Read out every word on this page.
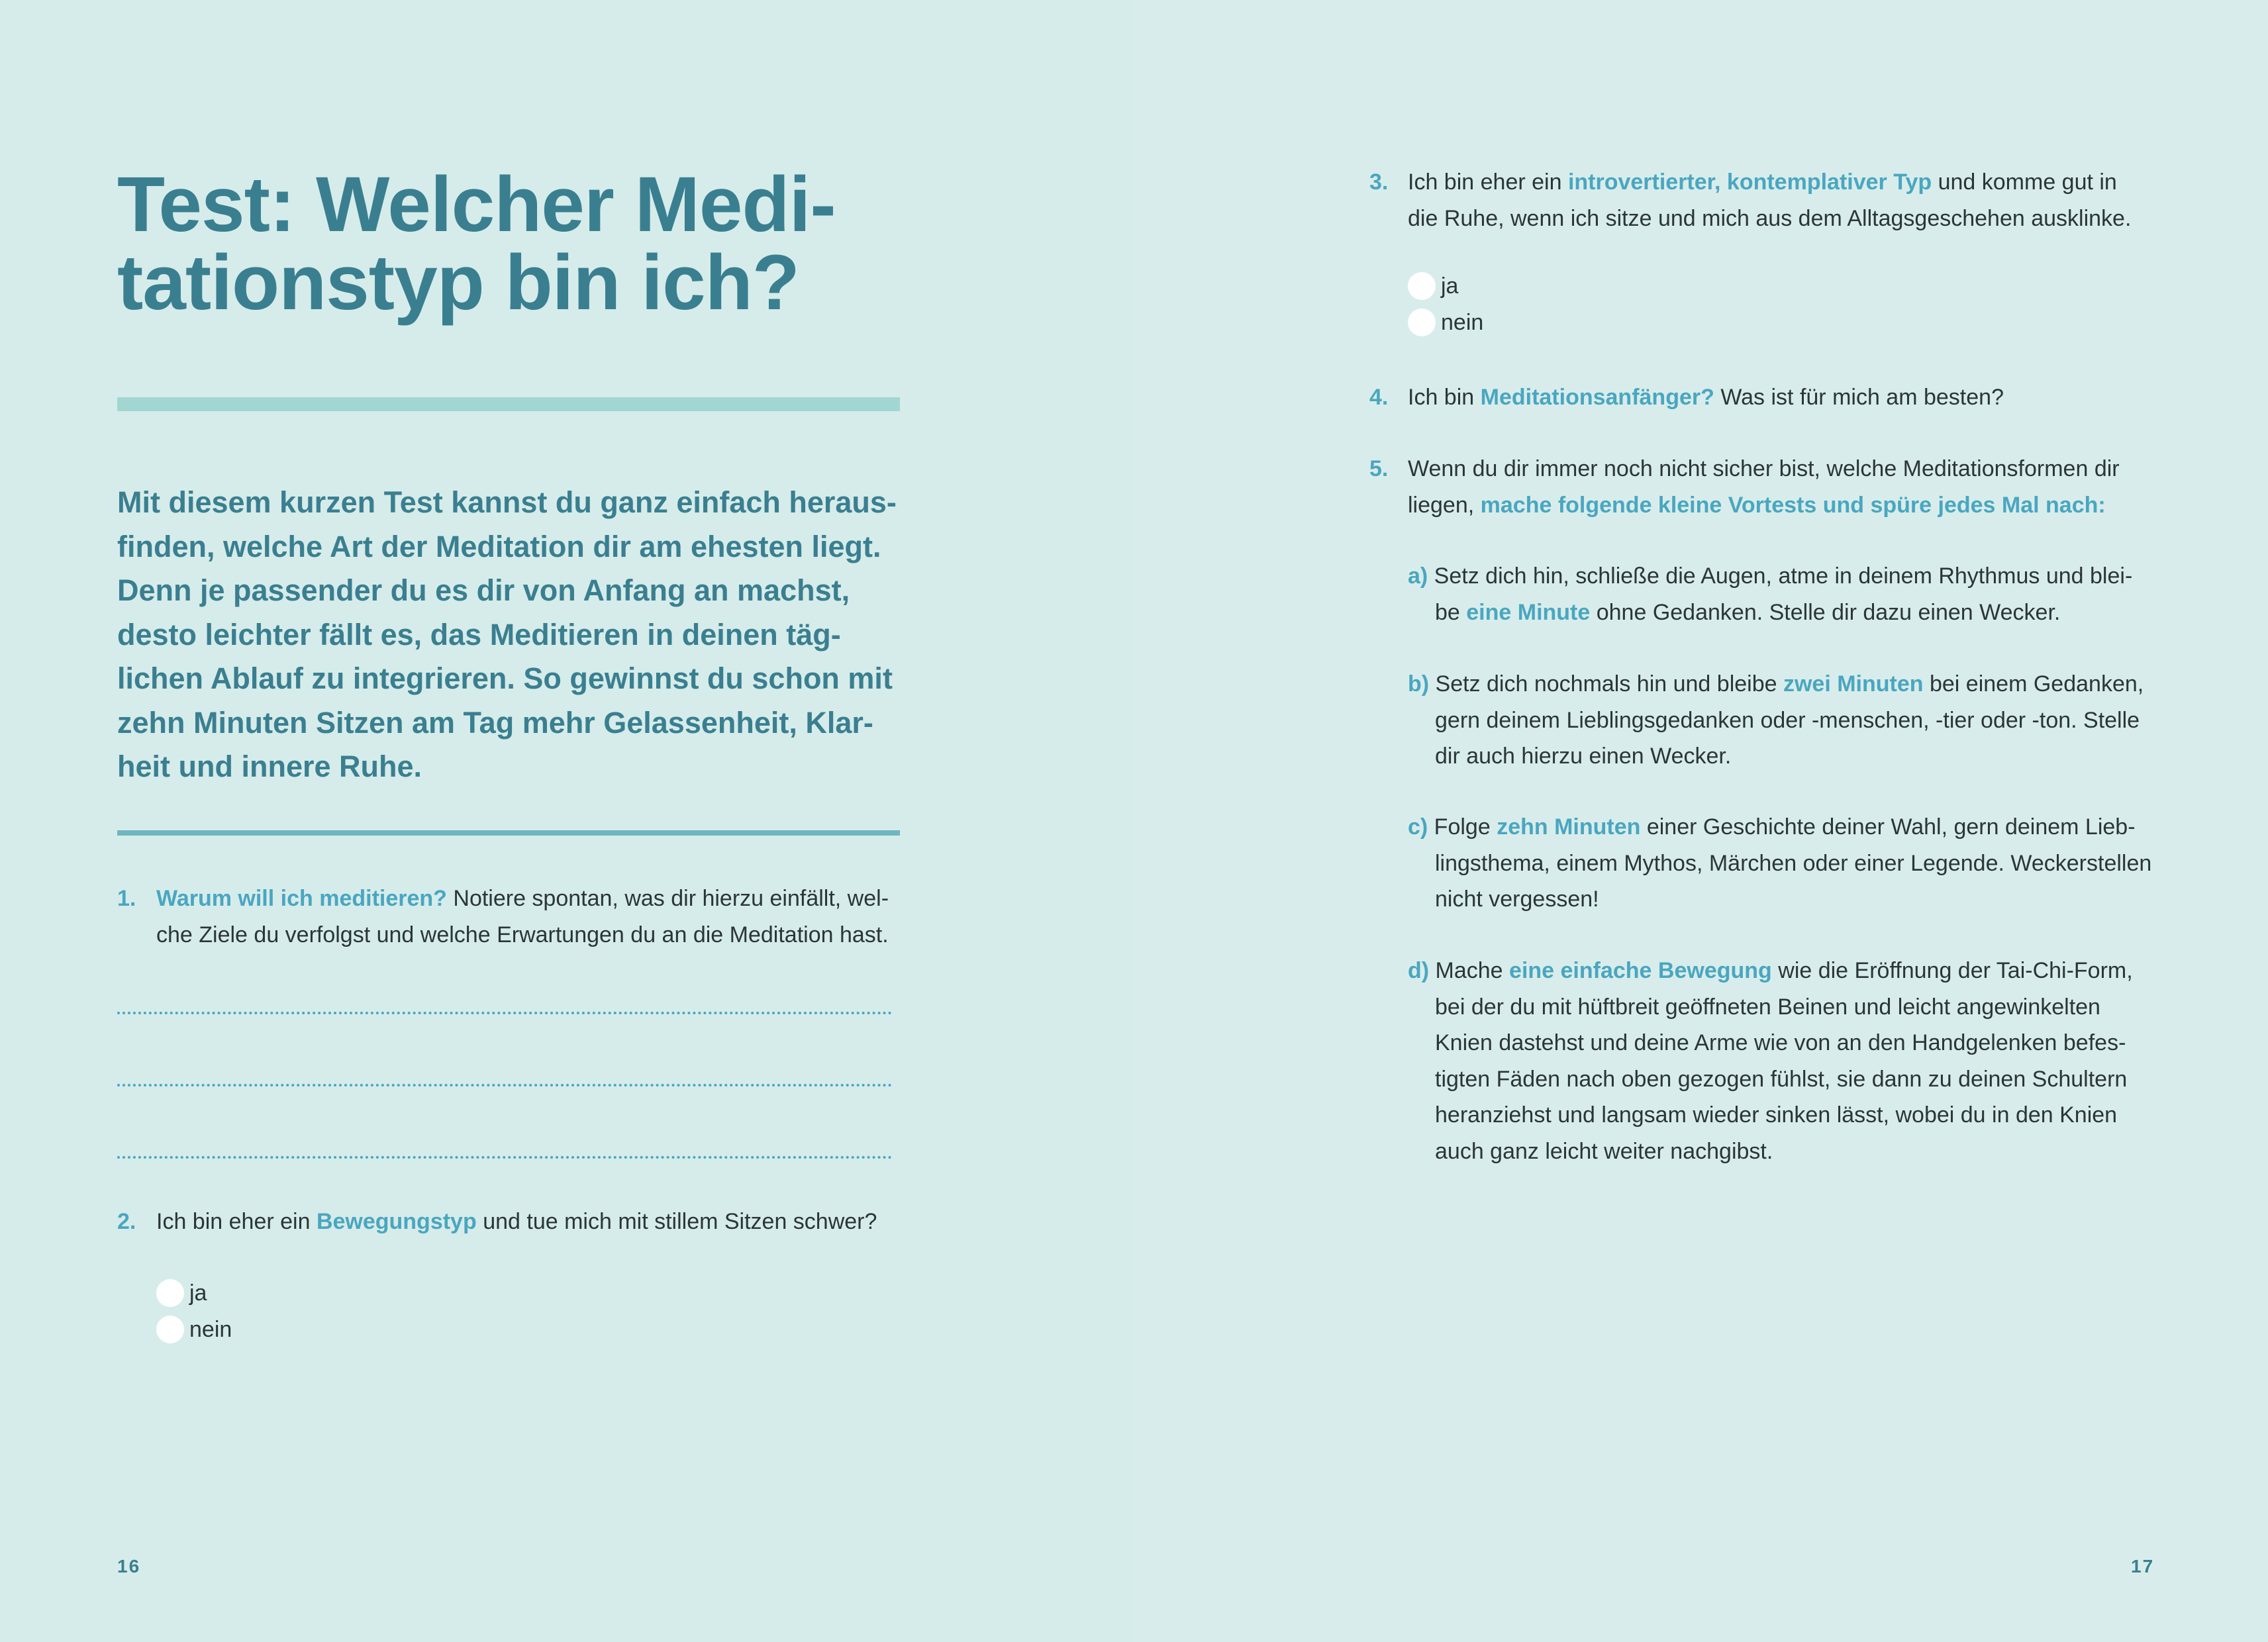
Test: Welcher Medi-
tationstyp bin ich?
Mit diesem kurzen Test kannst du ganz einfach heraus-
finden, welche Art der Meditation dir am ehesten liegt.
Denn je passender du es dir von Anfang an machst,
desto leichter fällt es, das Meditieren in deinen täg-
lichen Ablauf zu integrieren. So gewinnst du schon mit
zehn Minuten Sitzen am Tag mehr Gelassenheit, Klar-
heit und innere Ruhe.
1. Warum will ich meditieren? Notiere spontan, was dir hierzu einfällt, wel-
che Ziele du verfolgst und welche Erwartungen du an die Meditation hast.
2. Ich bin eher ein Bewegungstyp und tue mich mit stillem Sitzen schwer?
ja
nein
16
3. Ich bin eher ein introvertierter, kontemplativer Typ und komme gut in
die Ruhe, wenn ich sitze und mich aus dem Alltagsgeschehen ausklinke.
ja
nein
4. Ich bin Meditationsanfänger? Was ist für mich am besten?
5. Wenn du dir immer noch nicht sicher bist, welche Meditationsformen dir
liegen, mache folgende kleine Vortests und spüre jedes Mal nach:
a) Setz dich hin, schließe die Augen, atme in deinem Rhythmus und blei-
be eine Minute ohne Gedanken. Stelle dir dazu einen Wecker.
b) Setz dich nochmals hin und bleibe zwei Minuten bei einem Gedanken,
gern deinem Lieblingsgedanken oder -menschen, -tier oder -ton. Stelle
dir auch hierzu einen Wecker.
c) Folge zehn Minuten einer Geschichte deiner Wahl, gern deinem Lieb-
lingsthema, einem Mythos, Märchen oder einer Legende. Weckerstellen
nicht vergessen!
d) Mache eine einfache Bewegung wie die Eröffnung der Tai-Chi-Form,
bei der du mit hüftbreit geöffneten Beinen und leicht angewinkelten
Knien dastehst und deine Arme wie von an den Handgelenken befes-
tigten Fäden nach oben gezogen fühlst, sie dann zu deinen Schultern
heranziehst und langsam wieder sinken lässt, wobei du in den Knien
auch ganz leicht weiter nachgibst.
17
